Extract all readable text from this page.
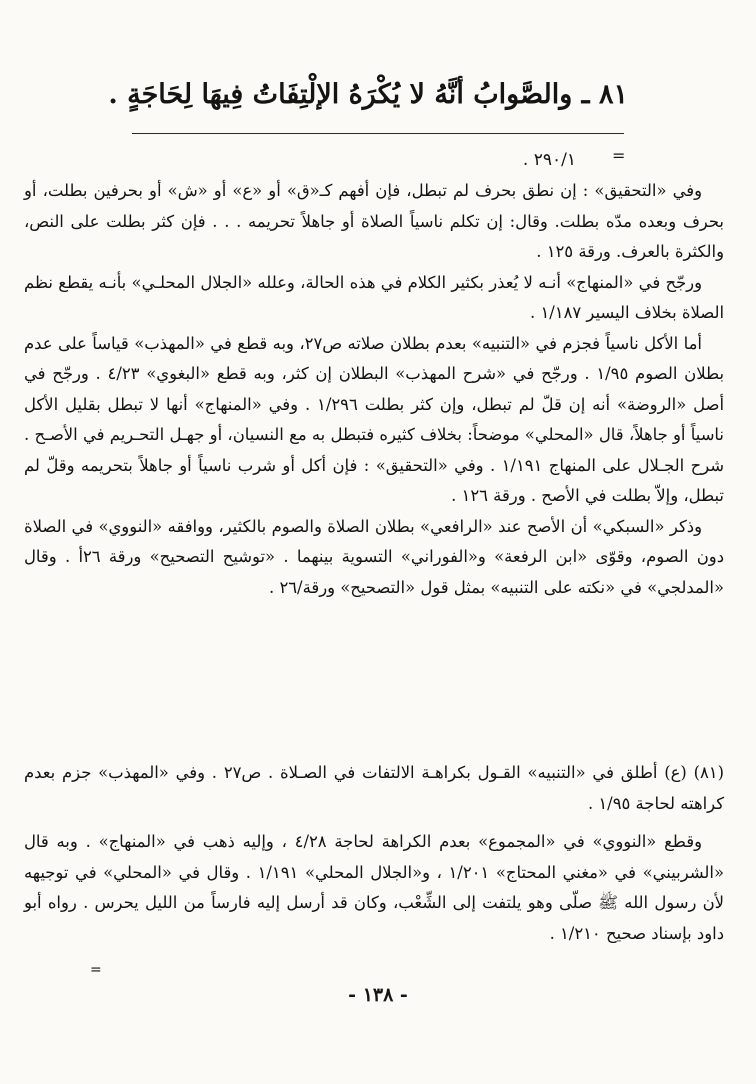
٨١ ـ والصَّوابُ أنَّهُ لا يُكْرَهُ الإلْتِفَاتُ فِيهَا لِحَاجَةٍ .
=
٢٩٠/١ .

وفي «التحقيق» : إن نطق بحرف لم تبطل، فإن أفهم كـ«ق» أو «ع» أو «ش» أو بحرفين بطلت، أو بحرف وبعده مدّه بطلت. وقال: إن تكلم ناسياً الصلاة أو جاهلاً تحريمه . . . فإن كثر بطلت على النص، والكثرة بالعرف. ورقة ١٢٥ .

ورجّح في «المنهاج» أنـه لا يُعذر بكثير الكلام في هذه الحالة، وعلله «الجلال المحلـي» بأنـه يقطع نظم الصلاة بخلاف اليسير ١/١٨٧ .

أما الأكل ناسياً فجزم في «التنبيه» بعدم بطلان صلاته ص٢٧، وبه قطع في «المهذب» قياساً على عدم بطلان الصوم ١/٩٥ . ورجّح في «شرح المهذب» البطلان إن كثر، وبه قطع «البغوي» ٤/٢٣ . ورجّح في أصل «الروضة» أنه إن قلّ لم تبطل، وإن كثر بطلت ١/٢٩٦ . وفي «المنهاج» أنها لا تبطل بقليل الأكل ناسياً أو جاهلاً، قال «المحلي» موضحاً: بخلاف كثيره فتبطل به مع النسيان، أو جهـل التحـريم في الأصـح . شرح الجـلال على المنهاج ١/١٩١ . وفي «التحقيق» : فإن أكل أو شرب ناسياً أو جاهلاً بتحريمه وقلّ لم تبطل، وإلاّ بطلت في الأصح . ورقة ١٢٦ .

وذكر «السبكي» أن الأصح عند «الرافعي» بطلان الصلاة والصوم بالكثير، ووافقه «النووي» في الصلاة دون الصوم، وقوّى «ابن الرفعة» و«الفوراني» التسوية بينهما . «توشيح التصحيح» ورقة ٢٦أ . وقال «المدلجي» في «نكته على التنبيه» بمثل قول «التصحيح» ورقة/٢٦ .

(٨١) (ع) أطلق في «التنبيه» القـول بكراهـة الالتفات في الصـلاة . ص٢٧ . وفي «المهذب» جزم بعدم كراهته لحاجة ١/٩٥ .

وقطع «النووي» في «المجموع» بعدم الكراهة لحاجة ٤/٢٨ ، وإليه ذهب في «المنهاج» . وبه قال «الشربيني» في «مغني المحتاج» ١/٢٠١ ، و«الجلال المحلي» ١/١٩١ . وقال في «المحلي» في توجيهه لأن رسول الله ﷺ صلّى وهو يلتفت إلى الشِّعْب، وكان قد أرسل إليه فارساً من الليل يحرس . رواه أبو داود بإسناد صحيح ١/٢١٠ .

=
- ١٣٨ -
